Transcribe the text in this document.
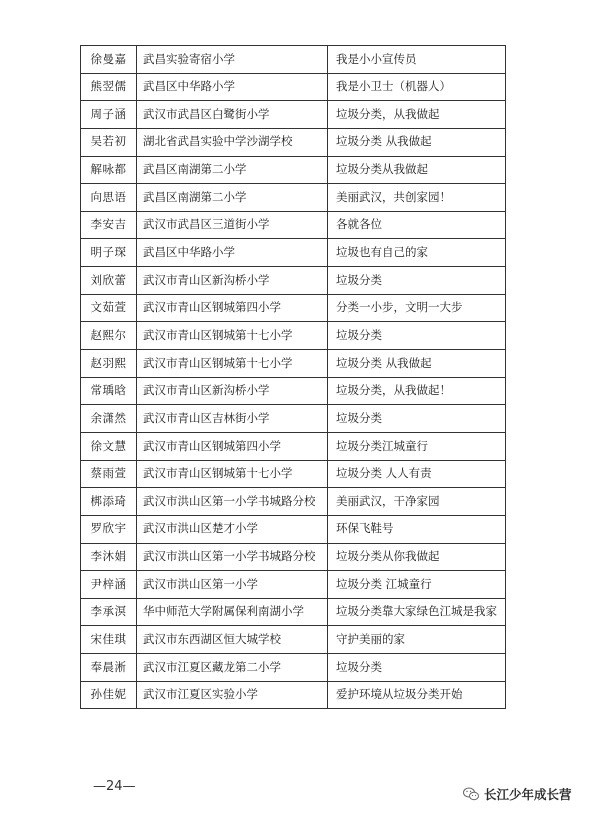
徐曼嘉	武昌实验寄宿小学	我是小小宣传员
熊翌儒	武昌区中华路小学	我是小卫士（机器人）
周子涵	武汉市武昌区白鹭街小学	垃圾分类，从我做起
吴若初	湖北省武昌实验中学沙湖学校	垃圾分类 从我做起
解咏都	武昌区南湖第二小学	垃圾分类从我做起
向思语	武昌区南湖第二小学	美丽武汉，共创家园！
李安吉	武汉市武昌区三道街小学	各就各位
明子琛	武昌区中华路小学	垃圾也有自己的家
刘欣蕾	武汉市青山区新沟桥小学	垃圾分类
文茹萱	武汉市青山区钢城第四小学	分类一小步，文明一大步
赵熙尔	武汉市青山区钢城第十七小学	垃圾分类
赵羽熙	武汉市青山区钢城第十七小学	垃圾分类 从我做起
常瑀晗	武汉市青山区新沟桥小学	垃圾分类，从我做起！
余潇然	武汉市青山区吉林街小学	垃圾分类
徐文慧	武汉市青山区钢城第四小学	垃圾分类江城童行
蔡雨萱	武汉市青山区钢城第十七小学	垃圾分类 人人有责
梆添琦	武汉市洪山区第一小学书城路分校	美丽武汉，干净家园
罗欣宇	武汉市洪山区楚才小学	环保飞鞋号
李沐娟	武汉市洪山区第一小学书城路分校	垃圾分类从你我做起
尹梓涵	武汉市洪山区第一小学	垃圾分类 江城童行
李承溟	华中师范大学附属保利南湖小学	垃圾分类靠大家绿色江城是我家
宋佳琪	武汉市东西湖区恒大城学校	守护美丽的家
奉晨淅	武汉市江夏区藏龙第二小学	垃圾分类
孙佳妮	武汉市江夏区实验小学	爱护环境从垃圾分类开始
—24—
长江少年成长营
